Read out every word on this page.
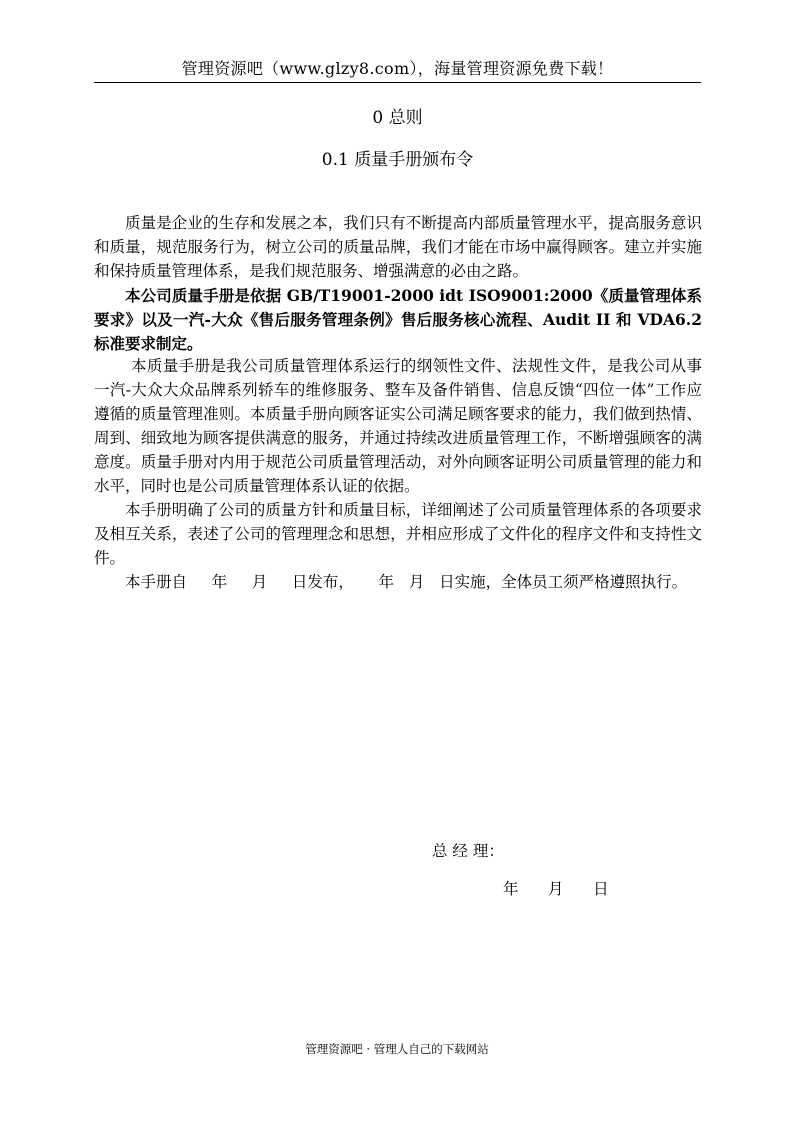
管理资源吧（www.glzy8.com），海量管理资源免费下载！
0 总则
0.1 质量手册颁布令

质量是企业的生存和发展之本，我们只有不断提高内部质量管理水平，提高服务意识和质量，规范服务行为，树立公司的质量品牌，我们才能在市场中赢得顾客。建立并实施和保持质量管理体系，是我们规范服务、增强满意的必由之路。

本公司质量手册是依据 GB/T19001-2000 idt ISO9001:2000《质量管理体系 要求》以及一汽-大众《售后服务管理条例》售后服务核心流程、Audit II 和 VDA6.2 标准要求制定。

本质量手册是我公司质量管理体系运行的纲领性文件、法规性文件，是我公司从事一汽-大众大众品牌系列轿车的维修服务、整车及备件销售、信息反馈“四位一体”工作应遵循的质量管理准则。本质量手册向顾客证实公司满足顾客要求的能力，我们做到热情、周到、细致地为顾客提供满意的服务，并通过持续改进质量管理工作，不断增强顾客的满意度。质量手册对内用于规范公司质量管理活动，对外向顾客证明公司质量管理的能力和水平，同时也是公司质量管理体系认证的依据。

本手册明确了公司的质量方针和质量目标，详细阐述了公司质量管理体系的各项要求及相互关系，表述了公司的管理理念和思想，并相应形成了文件化的程序文件和支持性文件。

本手册自     年     月     日发布，     年   月   日实施，全体员工须严格遵照执行。

总 经 理：
年      月      日
管理资源吧 · 管理人自己的下载网站
